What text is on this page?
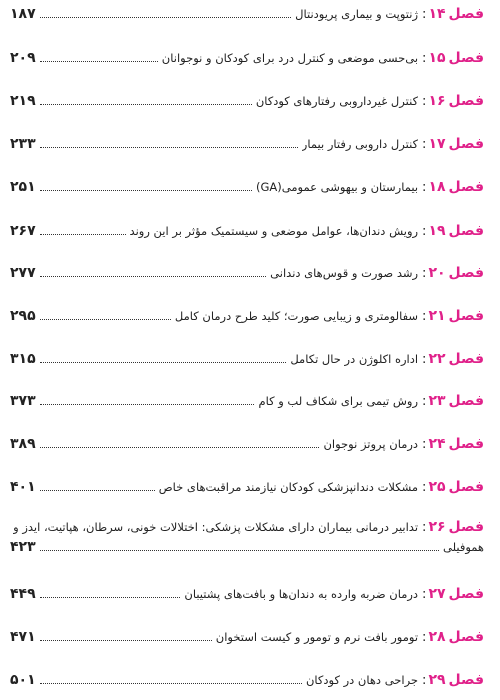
فصل۱۴
:
ژنتوپت و بیماری پریودنتال
۱۸۷
فصل۱۵
:
بی‌حسی موضعی و کنترل درد برای کودکان و نوجوانان
۲۰۹
فصل۱۶
:
کنترل غیرداروبی رفتارهای کودکان
۲۱۹
فصل۱۷
:
کنترل داروبی رفتار بیمار
۲۳۳
فصل۱۸
:
بیمارستان و بیهوشی عمومی(GA)
۲۵۱
فصل۱۹
:
رویش دندان‌ها، عوامل موضعی و سیستمیک مؤثر بر این روند
۲۶۷
فصل۲۰
:
رشد صورت و قوس‌های دندانی
۲۷۷
فصل۲۱
:
سفالومتری و زیبایی صورت؛ کلید طرح درمان کامل
۲۹۵
فصل۲۲
:
اداره اکلوژن در حال تکامل
۳۱۵
فصل۲۳
:
روش تیمی برای شکاف لب و کام
۳۷۳
فصل۲۴
:
درمان پروتز نوجوان
۳۸۹
فصل۲۵
:
مشکلات دندانپزشکی کودکان نیازمند مراقبت‌های خاص
۴۰۱
فصل۲۶
:
تدابیر درمانی بیماران دارای مشکلات پزشکی: اختلالات خونی، سرطان، هپاتیت، ایدز و
هموفیلی
۴۲۳
فصل۲۷
:
درمان ضربه وارده به دندان‌ها و بافت‌های پشتیبان
۴۴۹
فصل۲۸
:
تومور بافت نرم و تومور و کیست استخوان
۴۷۱
فصل۲۹
:
جراحی دهان در کودکان
۵۰۱
